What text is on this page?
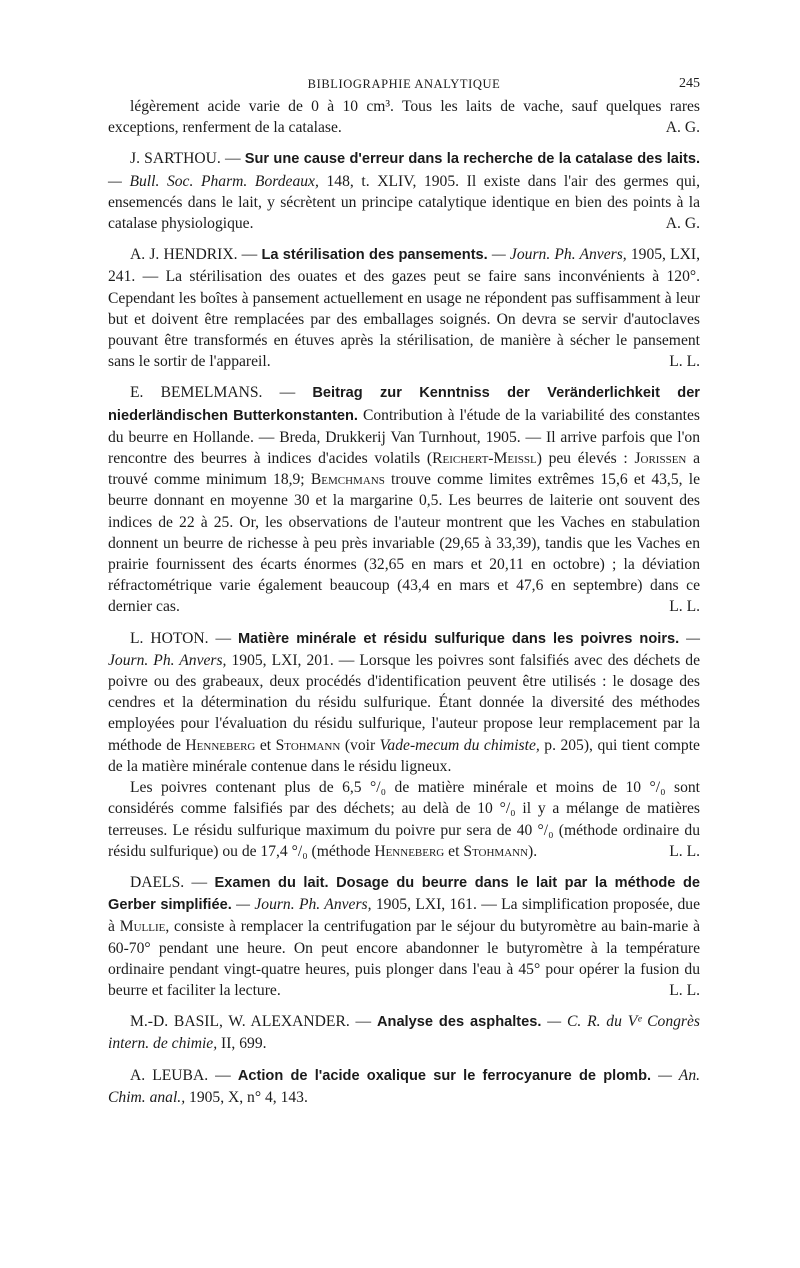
BIBLIOGRAPHIE ANALYTIQUE	245

légèrement acide varie de 0 à 10 cm³. Tous les laits de vache, sauf quelques rares exceptions, renferment de la catalase.	A. G.

J. SARTHOU. — Sur une cause d'erreur dans la recherche de la catalase des laits. — Bull. Soc. Pharm. Bordeaux, 148, t. XLIV, 1905. Il existe dans l'air des germes qui, ensemencés dans le lait, y sécrètent un principe catalytique identique en bien des points à la catalase physiologique.	A. G.

A. J. HENDRIX. — La stérilisation des pansements. — Journ. Ph. Anvers, 1905, LXI, 241. — La stérilisation des ouates et des gazes peut se faire sans inconvénients à 120°. Cependant les boîtes à pansement actuellement en usage ne répondent pas suffisamment à leur but et doivent être remplacées par des emballages soignés. On devra se servir d'autoclaves pouvant être transformés en étuves après la stérilisation, de manière à sécher le pansement sans le sortir de l'appareil.	L. L.

E. BEMELMANS. — Beitrag zur Kenntniss der Veränderlichkeit der niederländischen Butterkonstanten. Contribution à l'étude de la variabilité des constantes du beurre en Hollande. — Breda, Drukkerij Van Turnhout, 1905. — Il arrive parfois que l'on rencontre des beurres à indices d'acides volatils (Reichert-Meissl) peu élevés : Jorissen a trouvé comme minimum 18,9; Bemchmans trouve comme limites extrêmes 15,6 et 43,5, le beurre donnant en moyenne 30 et la margarine 0,5. Les beurres de laiterie ont souvent des indices de 22 à 25. Or, les observations de l'auteur montrent que les Vaches en stabulation donnent un beurre de richesse à peu près invariable (29,65 à 33,39), tandis que les Vaches en prairie fournissent des écarts énormes (32,65 en mars et 20,11 en octobre) ; la déviation réfractométrique varie également beaucoup (43,4 en mars et 47,6 en septembre) dans ce dernier cas.	L. L.

L. HOTON. — Matière minérale et résidu sulfurique dans les poivres noirs. — Journ. Ph. Anvers, 1905, LXI, 201. — Lorsque les poivres sont falsifiés avec des déchets de poivre ou des grabeaux, deux procédés d'identification peuvent être utilisés : le dosage des cendres et la détermination du résidu sulfurique. Étant donnée la diversité des méthodes employées pour l'évaluation du résidu sulfurique, l'auteur propose leur remplacement par la méthode de Henneberg et Stohmann (voir Vade-mecum du chimiste, p. 205), qui tient compte de la matière minérale contenue dans le résidu ligneux.

Les poivres contenant plus de 6,5 °/₀ de matière minérale et moins de 10 °/₀ sont considérés comme falsifiés par des déchets; au delà de 10 °/₀ il y a mélange de matières terreuses. Le résidu sulfurique maximum du poivre pur sera de 40 °/₀ (méthode ordinaire du résidu sulfurique) ou de 17,4 °/₀ (méthode Henneberg et Stohmann).	L. L.

DAELS. — Examen du lait. Dosage du beurre dans le lait par la méthode de Gerber simplifiée. — Journ. Ph. Anvers, 1905, LXI, 161. — La simplification proposée, due à Mullie, consiste à remplacer la centrifugation par le séjour du butyromètre au bain-marie à 60-70° pendant une heure. On peut encore abandonner le butyromètre à la température ordinaire pendant vingt-quatre heures, puis plonger dans l'eau à 45° pour opérer la fusion du beurre et faciliter la lecture.	L. L.

M.-D. BASIL, W. ALEXANDER. — Analyse des asphaltes. — C. R. du Vᵉ Congrès intern. de chimie, II, 699.

A. LEUBA. — Action de l'acide oxalique sur le ferrocyanure de plomb. — An. Chim. anal., 1905, X, n° 4, 143.
